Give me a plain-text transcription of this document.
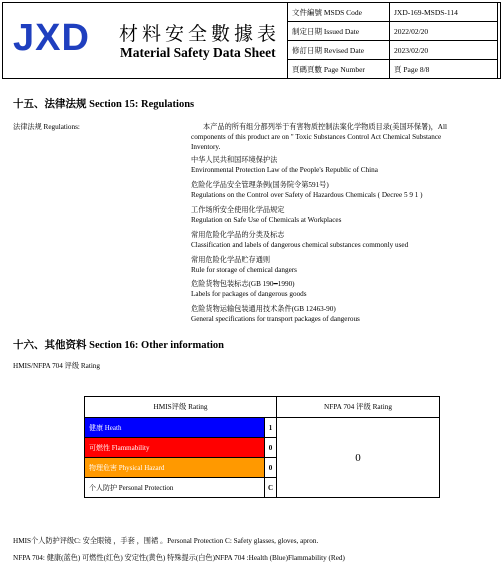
JXD 材料安全數據表
Material Safety Data Sheet
文件編號 MSDS Code	JXD-169-MSDS-114
制定日期 Issued Date	2022/02/20
修訂日期 Revised Date	2023/02/20
頁碼頁數 Page Number	頁 Page 8/8
十五、法律法规 Section 15: Regulations
法律法规 Regulations:	本产品的所有组分都列举于有害物质控制法案化学物质目录(美国环保署)，All components of this product are on " Toxic Substances Control Act Chemical Substance Inventory.
中华人民共和国环境保护法
Environmental Protection Law of the People's Republic of China
危险化学品安全管理条例(国务院令第591号)
Regulations on the Control over Safety of Hazardous Chemicals ( Decree 5 9 1 )
工作场所安全使用化学品规定
Regulation on Safe Use of Chemicals at Workplaces
常用危险化学品的分类及标志
Classification and labels of dangerous chemical substances commonly used
常用危险化学品贮存通则
Rule for storage of chemical dangers
危险货物包装标志(GB 190━1990)
Labels for packages of dangerous goods
危险货物运输包装通用技术条件(GB 12463-90)
General specifications for transport packages of dangerous
十六、其他资料 Section 16: Other information
HMIS/NFPA 704 评级 Rating
HMIS评级 Rating		NFPA 704 评级 Rating
健康 Heath	1	0
可燃性 Flammability	0	
物理危害 Physical Hazard	0	
个人防护 Personal Protection	C	
HMIS个人防护评级C: 安全眼镜 ，手套 ，围裙 。Personal Protection C: Safety glasses, gloves, apron.
NFPA 704: 健康(蓝色) 可燃性(红色) 安定性(黄色) 特殊提示(白色)NFPA 704 :Health (Blue)Flammability (Red)
